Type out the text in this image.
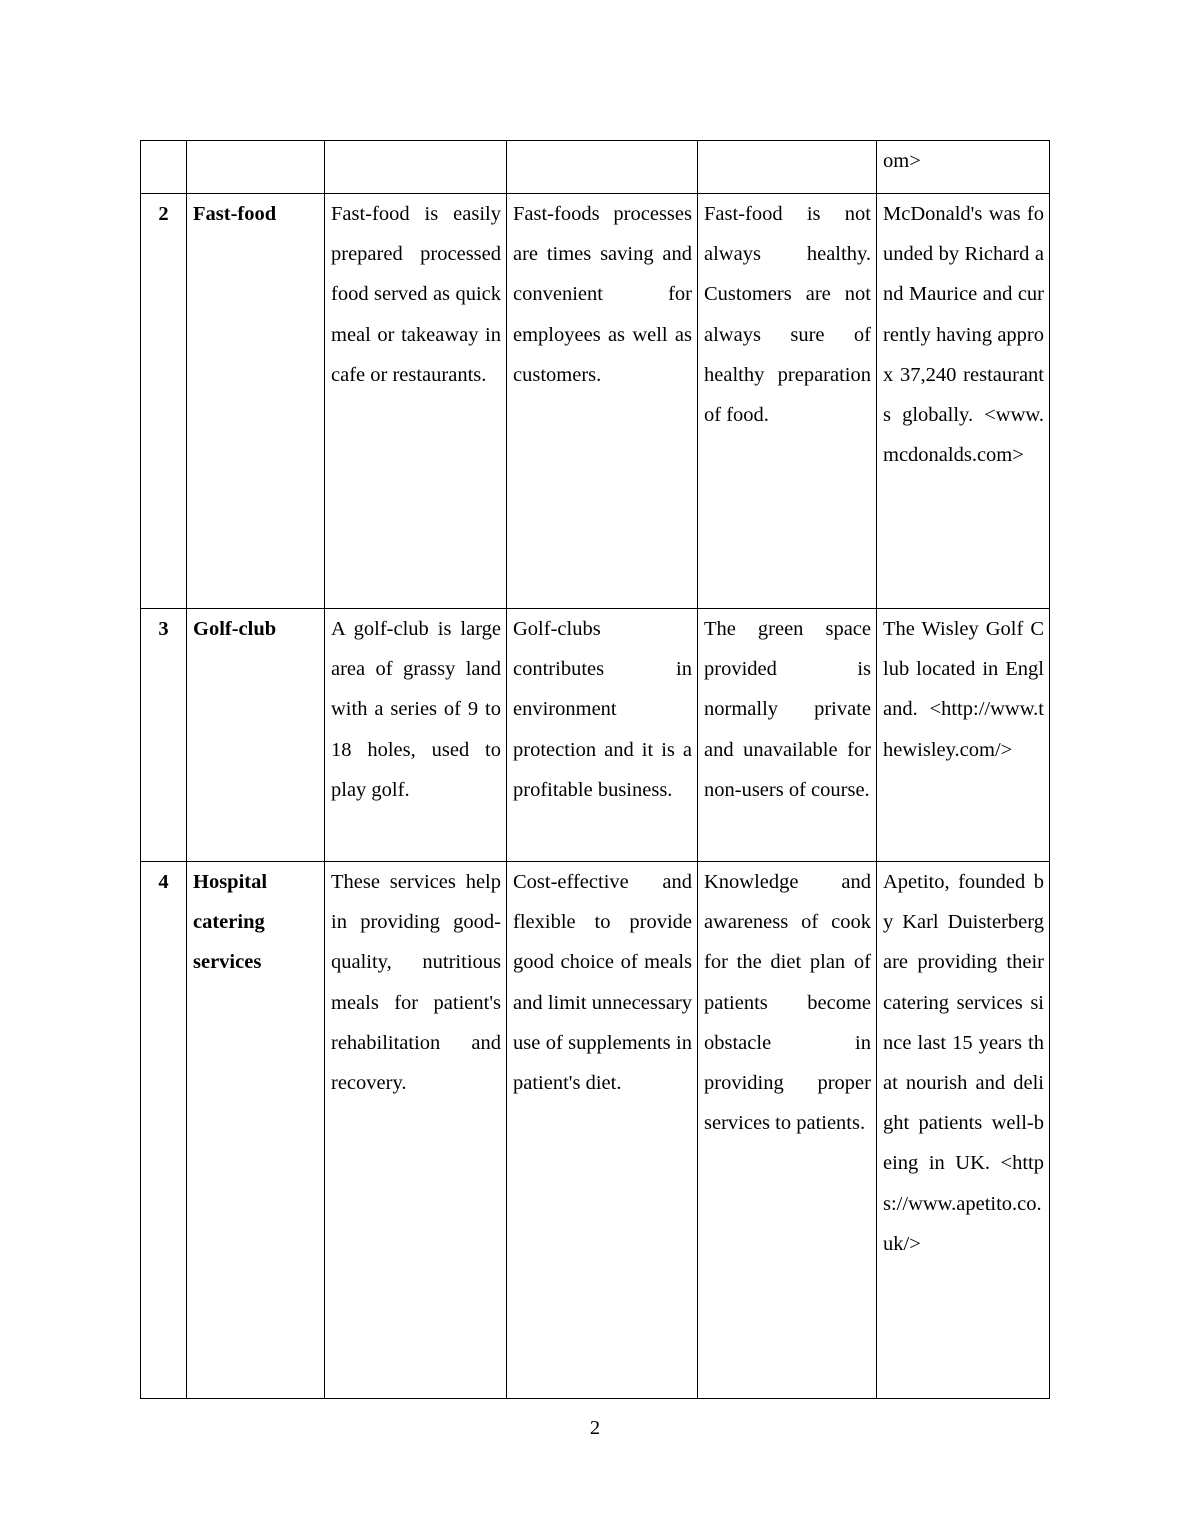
					om>
2	Fast-food	Fast-food is easily prepared processed food served as quick meal or takeaway in cafe or restaurants.	Fast-foods processes are times saving and convenient for employees as well as customers.	Fast-food is not always healthy. Customers are not always sure of healthy preparation of food.	McDonald's was founded by Richard and Maurice and currently having approx 37,240 restaurants globally. <www.mcdonalds.com>
3	Golf-club	A golf-club is large area of grassy land with a series of 9 to 18 holes, used to play golf.	Golf-clubs contributes in environment protection and it is a profitable business.	The green space provided is normally private and unavailable for non-users of course.	The Wisley Golf Club located in England. <http://www.thewisley.com/>
4	Hospital catering services	These services help in providing good-quality, nutritious meals for patient's rehabilitation and recovery.	Cost-effective and flexible to provide good choice of meals and limit unnecessary use of supplements in patient's diet.	Knowledge and awareness of cook for the diet plan of patients become obstacle in providing proper services to patients.	Apetito, founded by Karl Duisterberg are providing their catering services since last 15 years that nourish and delight patients well-being in UK. <https://www.apetito.co.uk/>
2
